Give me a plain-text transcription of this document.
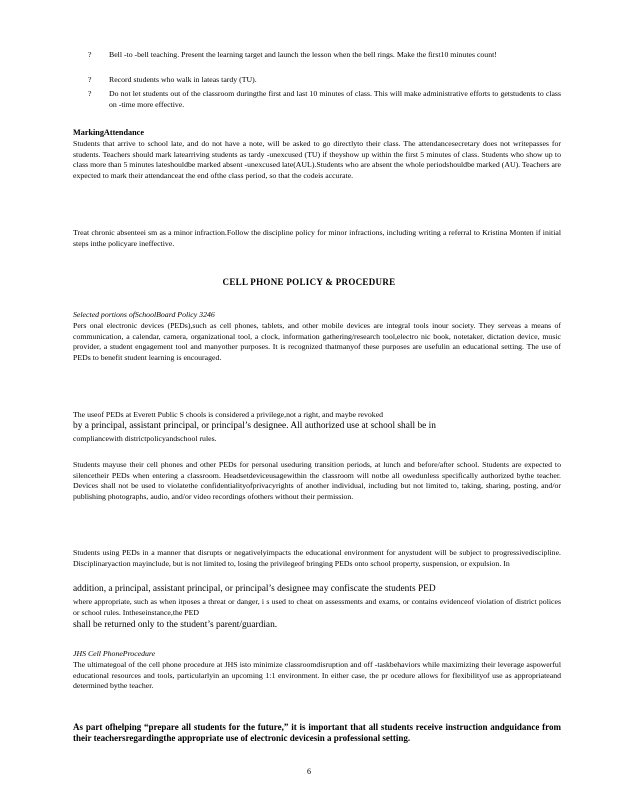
?	Bell -to -bell teaching. Present the learning target and launch the lesson when the bell rings. Make the first10 minutes count!

?	Record students who walk in lateas tardy (TU).

?	Do not let students out of the classroom duringthe first and last 10 minutes of class. This will make administrative efforts to getstudents to class on -time more effective.

MarkingAttendance

Students that arrive to school late, and do not have a note, will be asked to go directlyto their class. The attendancesecretary does not writepasses for students. Teachers should mark latearriving students as tardy -unexcused (TU) if theyshow up within the first 5 minutes of class. Students who show up to class more than 5 minutes lateshouldbe marked absent -unexcused late(AUL).Students who are absent the whole periodshouldbe marked (AU). Teachers are expected to mark their attendanceat the end ofthe class period, so that the codeis accurate.

Treat chronic absenteei sm as a minor infraction.Follow the discipline policy for minor infractions, including writing a referral to Kristina Monten if initial steps inthe policyare ineffective.

CELL PHONE POLICY & PROCEDURE

Selected portions ofSchoolBoard Policy 3246

Pers onal electronic devices (PEDs),such as cell phones, tablets, and other mobile devices are integral tools inour society. They serveas a means of communication, a calendar, camera, organizational tool, a clock, information gathering/research tool,electro nic book, notetaker, dictation device, music provider, a student engagement tool and manyother purposes. It is recognized thatmanyof these purposes are usefulin an educational setting. The use of PEDs to benefit student learning is encouraged.

The useof PEDs at Everett Public S chools is considered a privilege,not a right, and maybe revoked

by a principal, assistant principal, or principal’s designee. All authorized use at school shall be in

compliancewith districtpolicyandschool rules.

Students mayuse their cell phones and other PEDs for personal useduring transition periods, at lunch and before/after school. Students are expected to silencetheir PEDs when entering a classroom. Headsetdeviceusagewithin the classroom will notbe all owedunless specifically authorized bythe teacher. Devices shall not be used to violatethe confidentialityofprivacyrights of another individual, including but not limited to, taking, sharing, posting, and/or publishing photographs, audio, and/or video recordings ofothers without their permission.

Students using PEDs in a manner that disrupts or negativelyimpacts the educational environment for anystudent will be subject to progressivediscipline. Disciplinaryaction mayinclude, but is not limited to, losing the privilegeof bringing PEDs onto school property, suspension, or expulsion. In

addition, a principal, assistant principal, or principal’s designee may confiscate the students PED

where appropriate, such as when itposes a threat or danger, i s used to cheat on assessments and exams, or contains evidenceof violation of district polices or school rules. Intheseinstance,the PED

shall be returned only to the student’s parent/guardian.

JHS Cell PhoneProcedure

The ultimategoal of the cell phone procedure at JHS isto minimize classroomdisruption and off -taskbehaviors while maximizing their leverage aspowerful educational resources and tools, particularlyin an upcoming 1:1 environment. In either case, the pr ocedure allows for flexibilityof use as appropriateand determined bythe teacher.

As part ofhelping “prepare all students for the future,” it is important that all students receive instruction andguidance from their teachersregardingthe appropriate use of electronic devicesin a professional setting.

6
